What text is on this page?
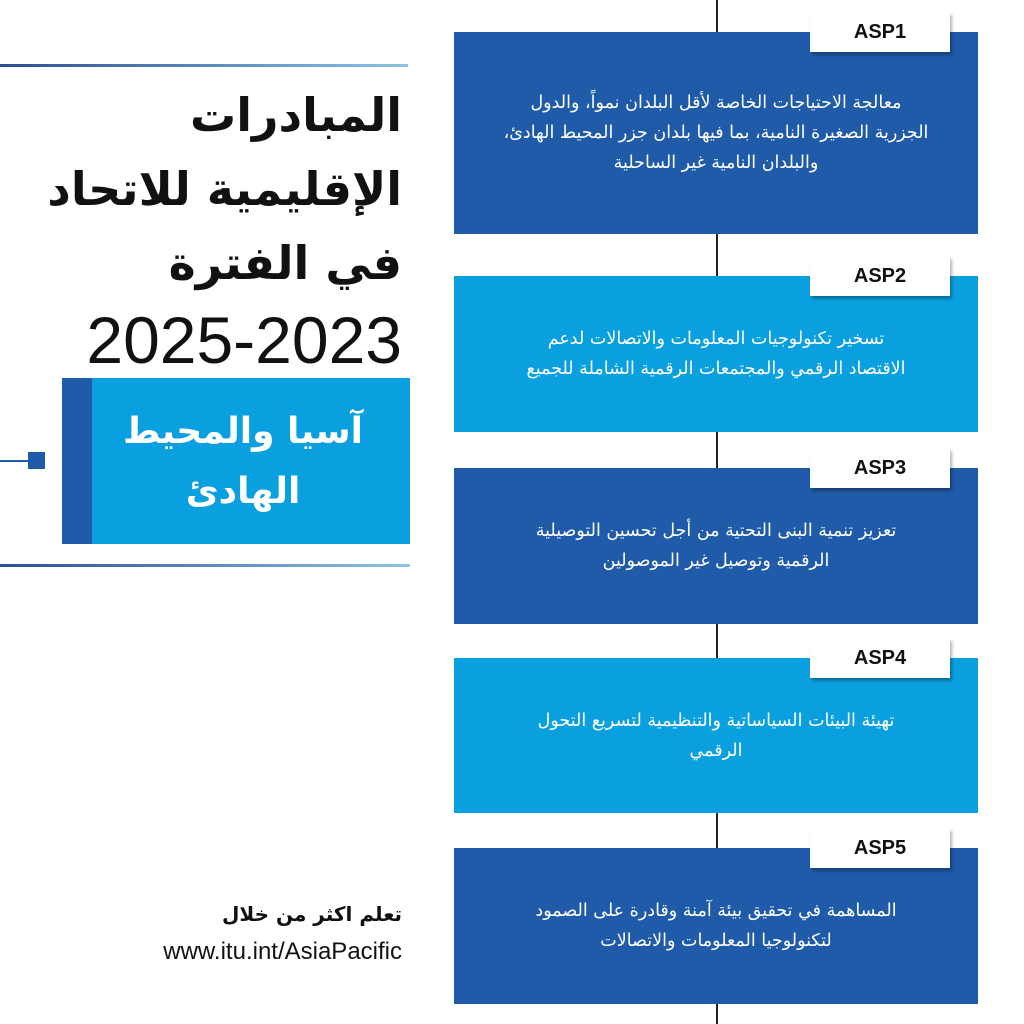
المبادرات
الإقليمية للاتحاد
في الفترة
2025-2023
آسيا والمحيط
الهادئ
تعلم اكثر من خلال
www.itu.int/AsiaPacific
معالجة الاحتياجات الخاصة لأقل البلدان نمواً، والدول
الجزرية الصغيرة النامية، بما فيها بلدان جزر المحيط الهادئ،
والبلدان النامية غير الساحلية
ASP1
تسخير تكنولوجيات المعلومات والاتصالات لدعم
الاقتصاد الرقمي والمجتمعات الرقمية الشاملة للجميع
ASP2
تعزيز تنمية البنى التحتية من أجل تحسين التوصيلية
الرقمية وتوصيل غير الموصولين
ASP3
تهيئة البيئات السياساتية والتنظيمية لتسريع التحول
الرقمي
ASP4
المساهمة في تحقيق بيئة آمنة وقادرة على الصمود
لتكنولوجيا المعلومات والاتصالات
ASP5
